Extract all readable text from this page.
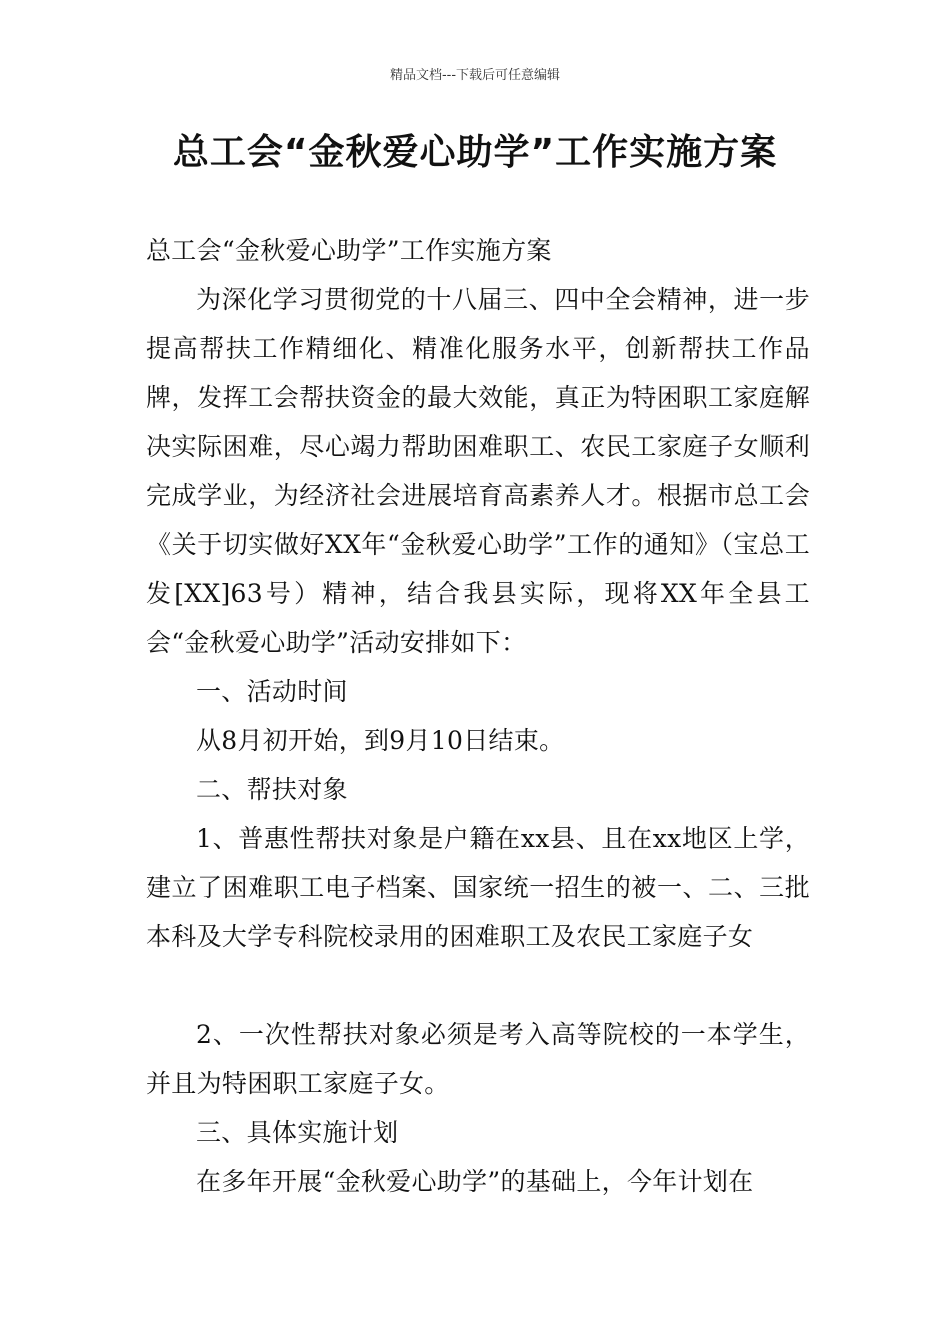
精品文档---下载后可任意编辑
总工会“金秋爱心助学”工作实施方案

总工会“金秋爱心助学”工作实施方案

为深化学习贯彻党的十八届三、四中全会精神，进一步提高帮扶工作精细化、精准化服务水平，创新帮扶工作品牌，发挥工会帮扶资金的最大效能，真正为特困职工家庭解决实际困难，尽心竭力帮助困难职工、农民工家庭子女顺利完成学业，为经济社会进展培育高素养人才。根据市总工会《关于切实做好XX年“金秋爱心助学”工作的通知》（宝总工发[XX]63号）精神，结合我县实际，现将XX年全县工会“金秋爱心助学”活动安排如下：

一、活动时间

从8月初开始，到9月10日结束。

二、帮扶对象

1、普惠性帮扶对象是户籍在xx县、且在xx地区上学，建立了困难职工电子档案、国家统一招生的被一、二、三批本科及大学专科院校录用的困难职工及农民工家庭子女

2、一次性帮扶对象必须是考入高等院校的一本学生，并且为特困职工家庭子女。

三、具体实施计划

在多年开展“金秋爱心助学”的基础上，今年计划在
